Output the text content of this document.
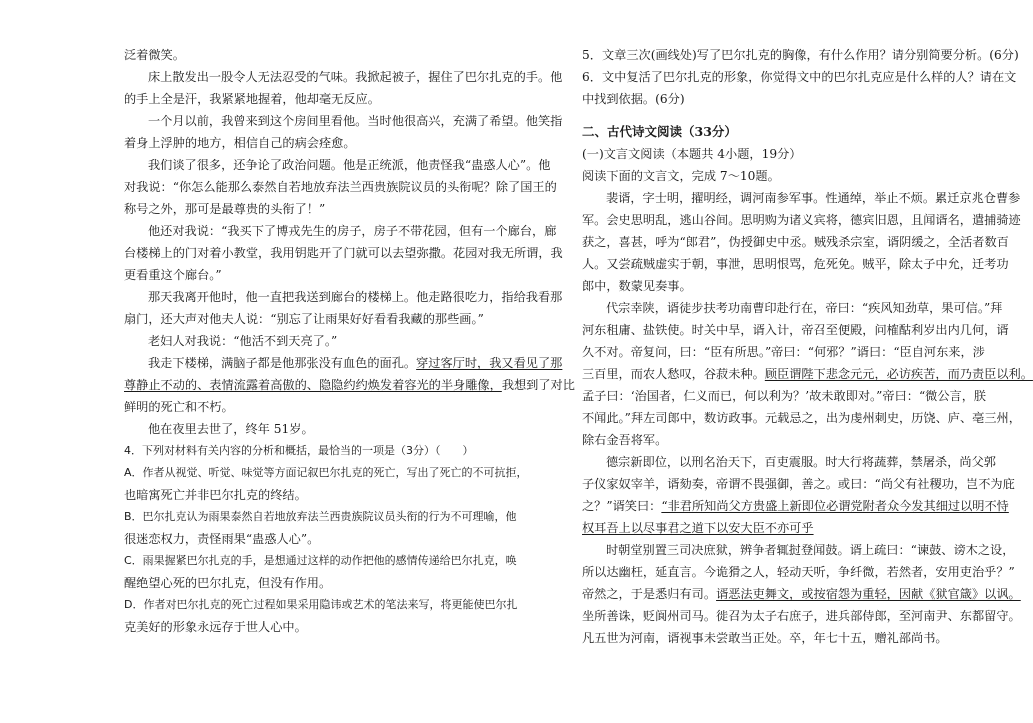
泛着微笑。
床上散发出一股令人无法忍受的气味。我掀起被子，握住了巴尔扎克的手。他
的手上全是汗，我紧紧地握着，他却毫无反应。
一个月以前，我曾来到这个房间里看他。当时他很高兴，充满了希望。他笑指
着身上浮肿的地方，相信自己的病会痊愈。
我们谈了很多，还争论了政治问题。他是正统派，他责怪我“蛊惑人心”。他
对我说：“你怎么能那么泰然自若地放弃法兰西贵族院议员的头衔呢？除了国王的
称号之外，那可是最尊贵的头衔了！”
他还对我说：“我买下了博戎先生的房子，房子不带花园，但有一个廊台，廊
台楼梯上的门对着小教堂，我用钥匙开了门就可以去望弥撒。花园对我无所谓，我
更看重这个廊台。”
那天我离开他时，他一直把我送到廊台的楼梯上。他走路很吃力，指给我看那
扇门，还大声对他夫人说：“别忘了让雨果好好看看我藏的那些画。”
老妇人对我说：“他活不到天亮了。”
我走下楼梯，满脑子都是他那张没有血色的面孔。穿过客厅时，我又看见了那
尊静止不动的、表情流露着高傲的、隐隐约约焕发着容光的半身雕像，我想到了对比
鲜明的死亡和不朽。
他在夜里去世了，终年 51岁。
4．下列对材料有关内容的分析和概括，最恰当的一项是（3分）（　　）
A．作者从视觉、听觉、味觉等方面记叙巴尔扎克的死亡，写出了死亡的不可抗拒，
也暗寓死亡并非巴尔扎克的终结。
B．巴尔扎克认为雨果泰然自若地放弃法兰西贵族院议员头衔的行为不可理喻，他
很迷恋权力，责怪雨果“蛊惑人心”。
C．雨果握紧巴尔扎克的手，是想通过这样的动作把他的感情传递给巴尔扎克，唤
醒绝望心死的巴尔扎克，但没有作用。
D．作者对巴尔扎克的死亡过程如果采用隐讳或艺术的笔法来写，将更能使巴尔扎
克美好的形象永远存于世人心中。
5．文章三次(画线处)写了巴尔扎克的胸像，有什么作用？请分别简要分析。(6分)
6．文中复活了巴尔扎克的形象，你觉得文中的巴尔扎克应是什么样的人？请在文
中找到依据。(6分)
二、古代诗文阅读（33分）
(一)文言文阅读（本题共 4小题，19分）
阅读下面的文言文，完成 7～10题。
裴谞，字士明，擢明经，调河南参军事。性通绰，举止不烦。累迁京兆仓曹参
军。会史思明乱，逃山谷间。思明购为诸义宾将，德宾旧恩，且闻谞名，遣捕骑迹
获之，喜甚，呼为“郎君”，伪授御史中丞。贼残杀宗室，谞阴缓之，全活者数百
人。又尝疏贼虚实于朝，事泄，思明恨骂，危死免。贼平，除太子中允，迁考功
郎中，数蒙见奏事。
代宗幸陕，谞徒步扶考功南曹印赴行在，帝曰：“疾风知劲草，果可信。”拜
河东租庸、盐铁使。时关中旱，谞入计，帝召至便殿，问榷酤利岁出内几何，谞
久不对。帝复问，曰：“臣有所思。”帝曰：“何邪？”谞曰：“臣自河东来，涉
三百里，而农人愁叹，谷菽未种。顾臣谓陛下悲念元元，必访疾苦，而乃责臣以利。
孟子曰：‘治国者，仁义而已，何以利为？’故未敢即对。”帝曰：“微公言，朕
不闻此。”拜左司郎中，数访政事。元载忌之，出为虔州刺史，历饶、庐、亳三州，
除右金吾将军。
德宗新即位，以刑名治天下，百吏震服。时大行将蔬葬，禁屠杀，尚父郭
子仪家奴宰羊，谞劾奏，帝谓不畏强御，善之。或曰：“尚父有社稷功，岂不为庇
之？”谞笑曰：“非君所知尚父方贵盛上新即位必谓党附者众今发其细过以明不恃
权耳吾上以尽事君之道下以安大臣不亦可乎
时朝堂别置三司决庶狱，辨争者辄挝登闻鼓。谞上疏曰：“谏鼓、谤木之设，
所以达幽枉，延直言。今诡猾之人，轻动天听，争纤微，若然者，安用吏治乎？”
帝然之，于是悉归有司。谞恶法吏舞文，或按宿怨为重轻，因献《狱官箴》以讽。
坐所善诛，贬阆州司马。徙召为太子右庶子，进兵部侍郎，至河南尹、东都留守。
凡五世为河南，谞视事未尝敢当正处。卒，年七十五，赠礼部尚书。
